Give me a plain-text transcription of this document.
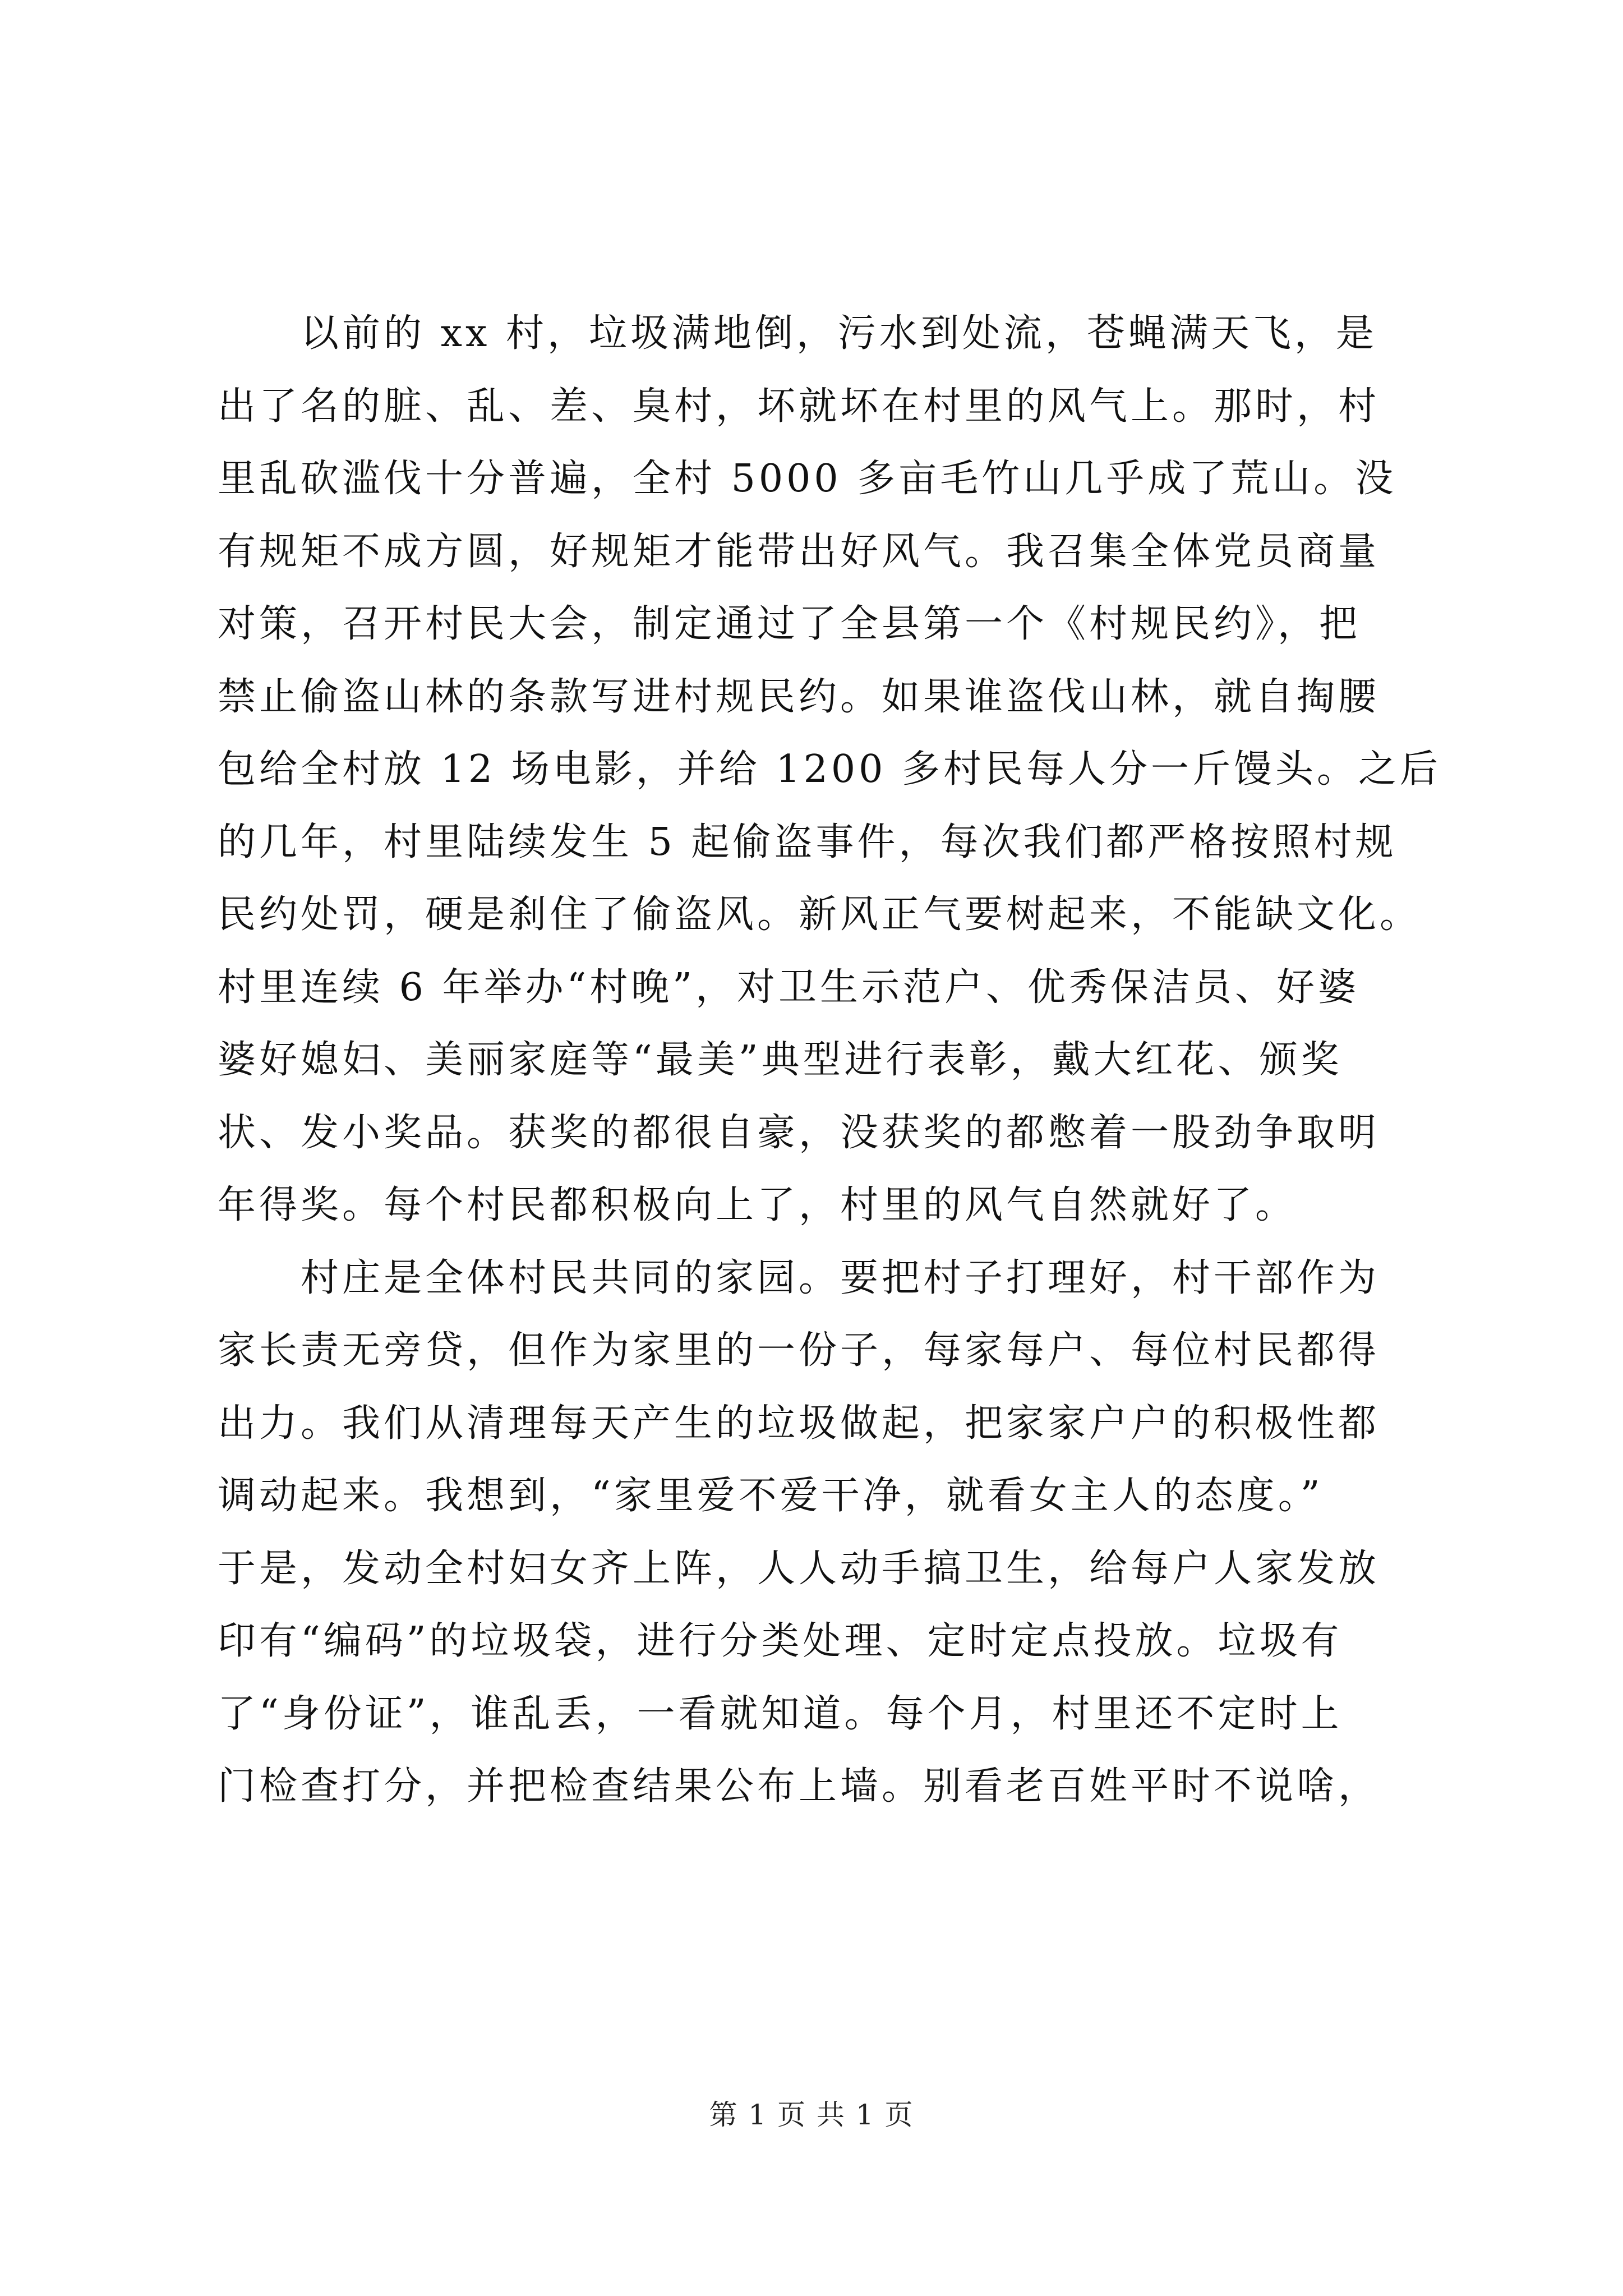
以前的 xx 村，垃圾满地倒，污水到处流，苍蝇满天飞，是
出了名的脏、乱、差、臭村，坏就坏在村里的风气上。那时，村
里乱砍滥伐十分普遍，全村 5000 多亩毛竹山几乎成了荒山。没
有规矩不成方圆，好规矩才能带出好风气。我召集全体党员商量
对策，召开村民大会，制定通过了全县第一个《村规民约》，把
禁止偷盗山林的条款写进村规民约。如果谁盗伐山林，就自掏腰
包给全村放 12 场电影，并给 1200 多村民每人分一斤馒头。之后
的几年，村里陆续发生 5 起偷盗事件，每次我们都严格按照村规
民约处罚，硬是刹住了偷盗风。新风正气要树起来，不能缺文化。
村里连续 6 年举办“村晚”，对卫生示范户、优秀保洁员、好婆
婆好媳妇、美丽家庭等“最美”典型进行表彰，戴大红花、颁奖
状、发小奖品。获奖的都很自豪，没获奖的都憋着一股劲争取明
年得奖。每个村民都积极向上了，村里的风气自然就好了。
村庄是全体村民共同的家园。要把村子打理好，村干部作为
家长责无旁贷，但作为家里的一份子，每家每户、每位村民都得
出力。我们从清理每天产生的垃圾做起，把家家户户的积极性都
调动起来。我想到，“家里爱不爱干净，就看女主人的态度。”
于是，发动全村妇女齐上阵，人人动手搞卫生，给每户人家发放
印有“编码”的垃圾袋，进行分类处理、定时定点投放。垃圾有
了“身份证”，谁乱丢，一看就知道。每个月，村里还不定时上
门检查打分，并把检查结果公布上墙。别看老百姓平时不说啥，
第 1 页 共 1 页
